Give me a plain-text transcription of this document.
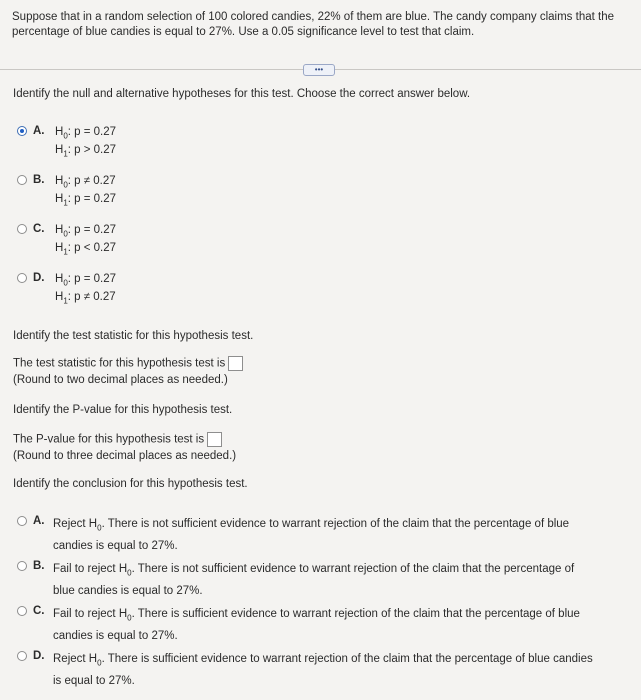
Suppose that in a random selection of 100 colored candies, 22% of them are blue. The candy company claims that the percentage of blue candies is equal to 27%. Use a 0.05 significance level to test that claim.
•••
Identify the null and alternative hypotheses for this test. Choose the correct answer below.
A. $H_0$: p = 0.27
$H_1$: p > 0.27
B. $H_0$: p ≠ 0.27
$H_1$: p = 0.27
C. $H_0$: p = 0.27
$H_1$: p < 0.27
D. $H_0$: p = 0.27
$H_1$: p ≠ 0.27
Identify the test statistic for this hypothesis test.
The test statistic for this hypothesis test is
(Round to two decimal places as needed.)
Identify the P-value for this hypothesis test.
The P-value for this hypothesis test is
(Round to three decimal places as needed.)
Identify the conclusion for this hypothesis test.
A. Reject $H_0$. There is not sufficient evidence to warrant rejection of the claim that the percentage of blue candies is equal to 27%.
B. Fail to reject $H_0$. There is not sufficient evidence to warrant rejection of the claim that the percentage of blue candies is equal to 27%.
C. Fail to reject $H_0$. There is sufficient evidence to warrant rejection of the claim that the percentage of blue candies is equal to 27%.
D. Reject $H_0$. There is sufficient evidence to warrant rejection of the claim that the percentage of blue candies is equal to 27%.
